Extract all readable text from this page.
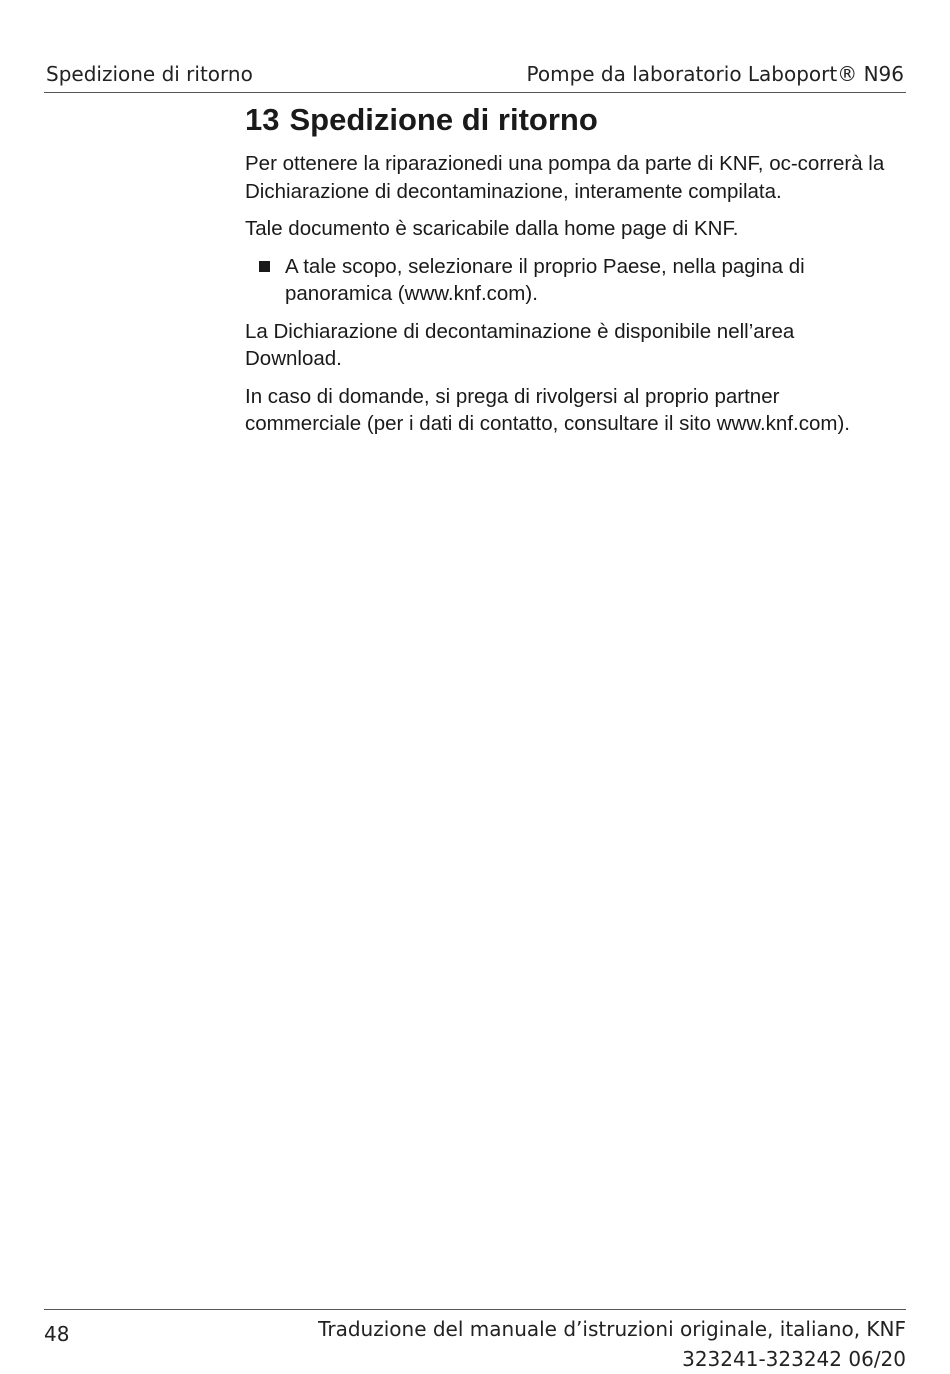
Spedizione di ritorno	Pompe da laboratorio Laboport® N96
13 Spedizione di ritorno

Per ottenere la riparazionedi una pompa da parte di KNF, oc-correrà la Dichiarazione di decontaminazione, interamente compilata.

Tale documento è scaricabile dalla home page di KNF.

A tale scopo, selezionare il proprio Paese, nella pagina di panoramica (www.knf.com).

La Dichiarazione di decontaminazione è disponibile nell’area Download.

In caso di domande, si prega di rivolgersi al proprio partner commerciale (per i dati di contatto, consultare il sito www.knf.com).

48	Traduzione del manuale d’istruzioni originale, italiano, KNF
323241-323242 06/20
